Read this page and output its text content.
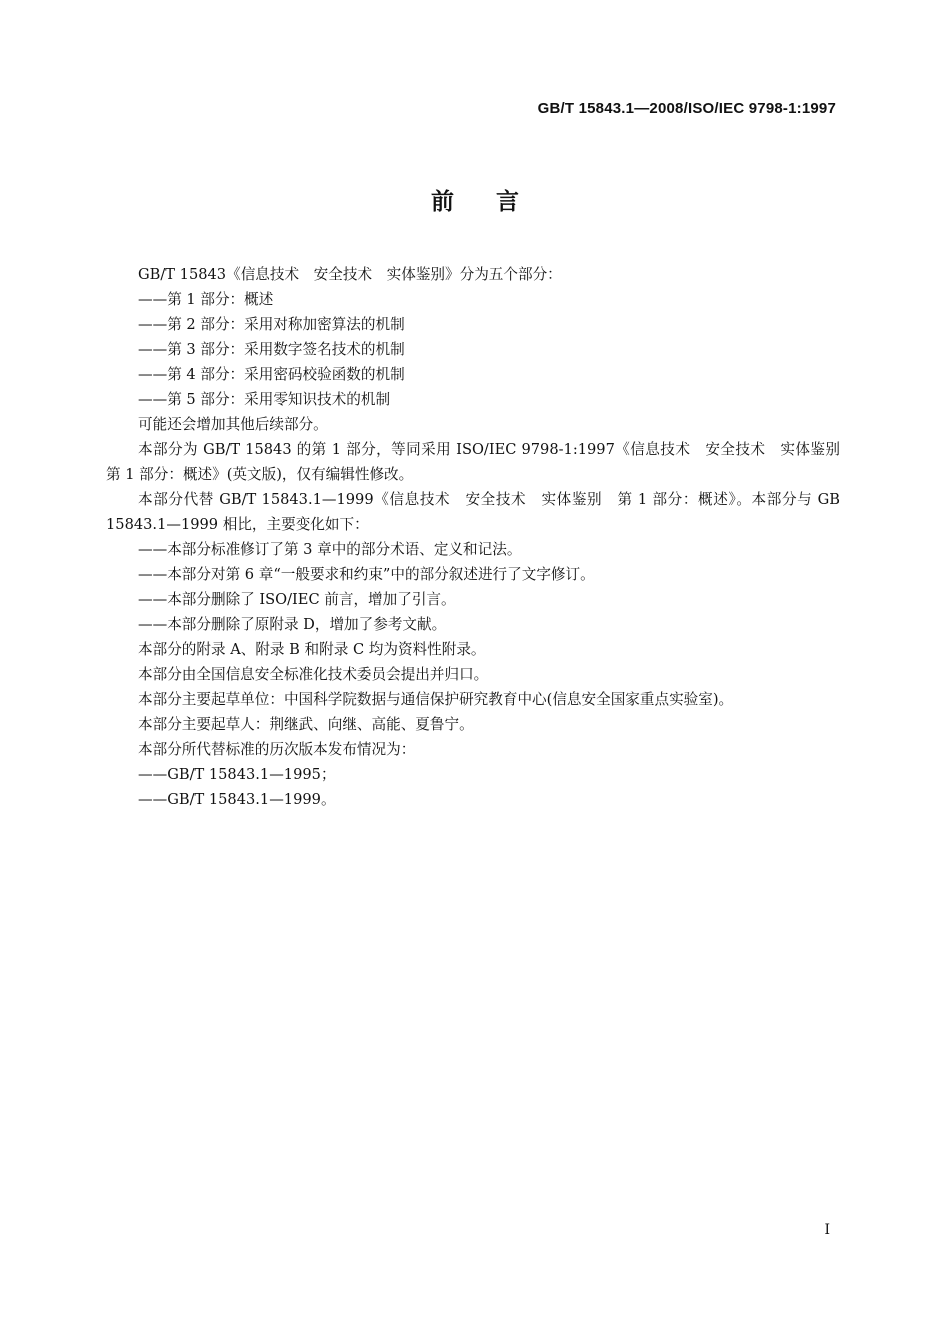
GB/T 15843.1—2008/ISO/IEC 9798-1:1997
前言
GB/T 15843《信息技术　安全技术　实体鉴别》分为五个部分：
——第 1 部分：概述
——第 2 部分：采用对称加密算法的机制
——第 3 部分：采用数字签名技术的机制
——第 4 部分：采用密码校验函数的机制
——第 5 部分：采用零知识技术的机制
可能还会增加其他后续部分。
本部分为 GB/T 15843 的第 1 部分，等同采用 ISO/IEC 9798-1:1997《信息技术　安全技术　实体鉴别　第 1 部分：概述》(英文版)，仅有编辑性修改。
本部分代替 GB/T 15843.1—1999《信息技术　安全技术　实体鉴别　第 1 部分：概述》。本部分与 GB 15843.1—1999 相比，主要变化如下：
——本部分标准修订了第 3 章中的部分术语、定义和记法。
——本部分对第 6 章“一般要求和约束”中的部分叙述进行了文字修订。
——本部分删除了 ISO/IEC 前言，增加了引言。
——本部分删除了原附录 D，增加了参考文献。
本部分的附录 A、附录 B 和附录 C 均为资料性附录。
本部分由全国信息安全标准化技术委员会提出并归口。
本部分主要起草单位：中国科学院数据与通信保护研究教育中心(信息安全国家重点实验室)。
本部分主要起草人：荆继武、向继、高能、夏鲁宁。
本部分所代替标准的历次版本发布情况为：
——GB/T 15843.1—1995；
——GB/T 15843.1—1999。
I
